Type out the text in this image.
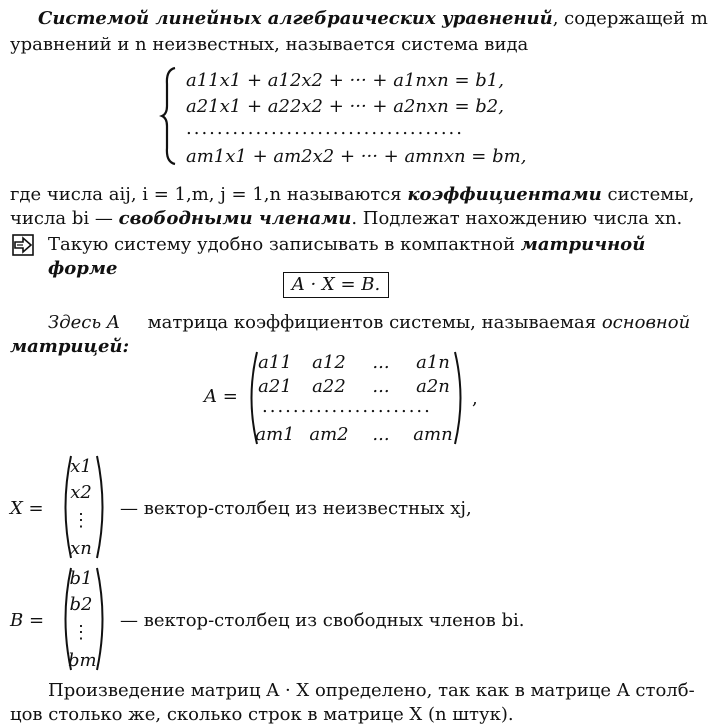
Системой линейных алгебраических уравнений, содержащей m
уравнений и n неизвестных, называется система вида
a11x1 + a12x2 + ··· + a1nxn = b1,
a21x1 + a22x2 + ··· + a2nxn = b2,
....................................
am1x1 + am2x2 + ··· + amnxn = bm,
где числа aij, i = 1,m, j = 1,n называются коэффициентами системы,
числа bi — свободными членами. Подлежат нахождению числа xn.
Такую систему удобно записывать в компактной матричной
форме
A · X = B.
Здесь A матрица коэффициентов системы, называемая основной
матрицей:
A =
a11	a12	...	a1n
a21	a22	...	a2n
......................
am1 am2	...	amn
,
X =
x1
x2
⋮
xn
— вектор-столбец из неизвестных xj,
B =
b1
b2
⋮
bm
— вектор-столбец из свободных членов bi.
Произведение матриц A · X определено, так как в матрице A столб-
цов столько же, сколько строк в матрице X (n штук).
